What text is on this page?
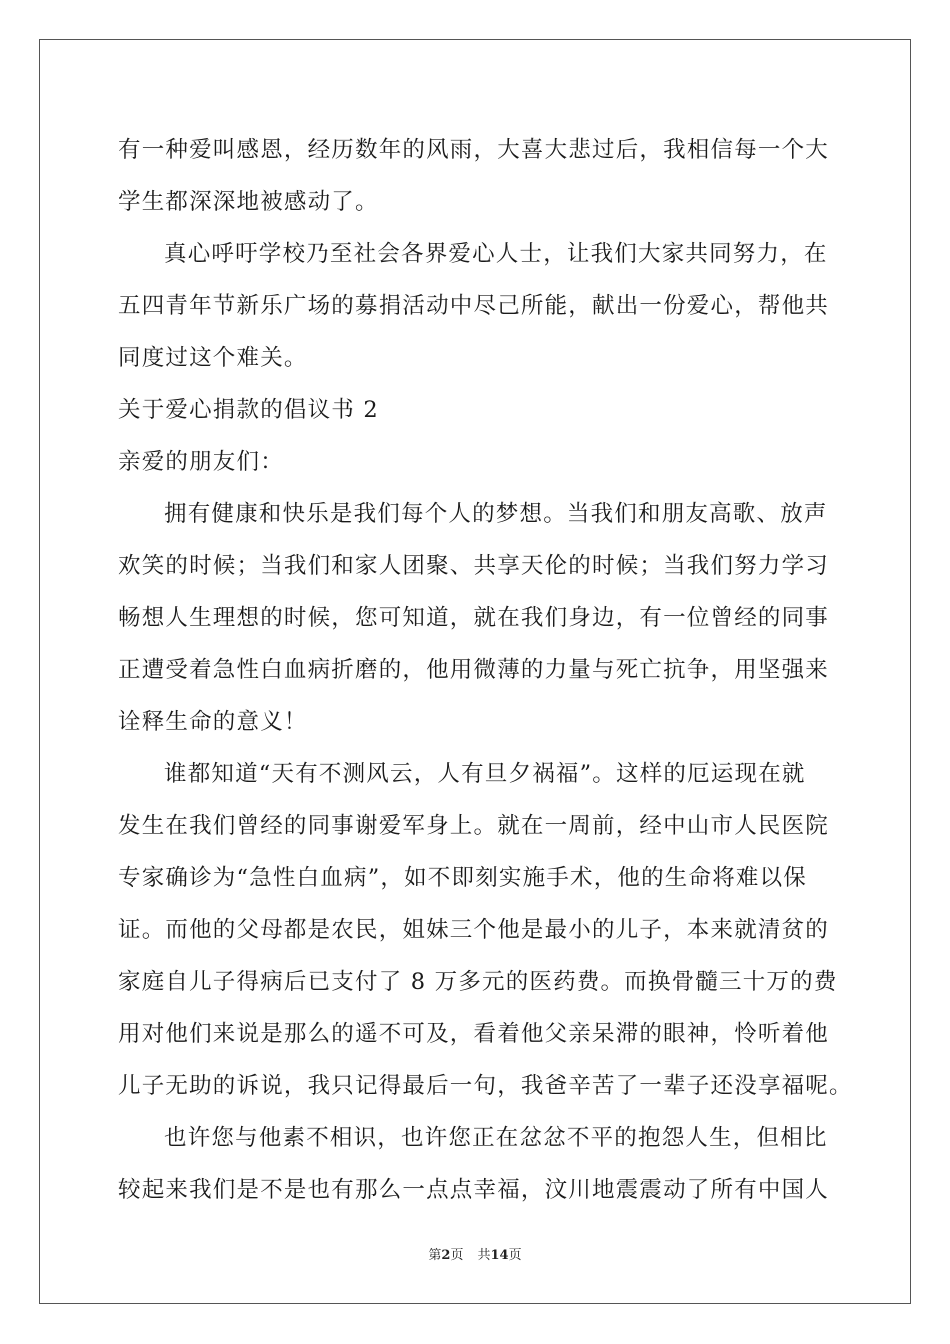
有一种爱叫感恩，经历数年的风雨，大喜大悲过后，我相信每一个大

学生都深深地被感动了。

真心呼吁学校乃至社会各界爱心人士，让我们大家共同努力，在

五四青年节新乐广场的募捐活动中尽己所能，献出一份爱心，帮他共

同度过这个难关。

关于爱心捐款的倡议书 2

亲爱的朋友们：

拥有健康和快乐是我们每个人的梦想。当我们和朋友高歌、放声

欢笑的时候；当我们和家人团聚、共享天伦的时候；当我们努力学习

畅想人生理想的时候，您可知道，就在我们身边，有一位曾经的同事

正遭受着急性白血病折磨的，他用微薄的力量与死亡抗争，用坚强来

诠释生命的意义！

谁都知道“天有不测风云，人有旦夕祸福”。这样的厄运现在就

发生在我们曾经的同事谢爱军身上。就在一周前，经中山市人民医院

专家确诊为“急性白血病”，如不即刻实施手术，他的生命将难以保

证。而他的父母都是农民，姐妹三个他是最小的儿子，本来就清贫的

家庭自儿子得病后已支付了 8 万多元的医药费。而换骨髓三十万的费

用对他们来说是那么的遥不可及，看着他父亲呆滞的眼神，怜听着他

儿子无助的诉说，我只记得最后一句，我爸辛苦了一辈子还没享福呢。

也许您与他素不相识，也许您正在忿忿不平的抱怨人生，但相比

较起来我们是不是也有那么一点点幸福，汶川地震震动了所有中国人

第2页 共14页
